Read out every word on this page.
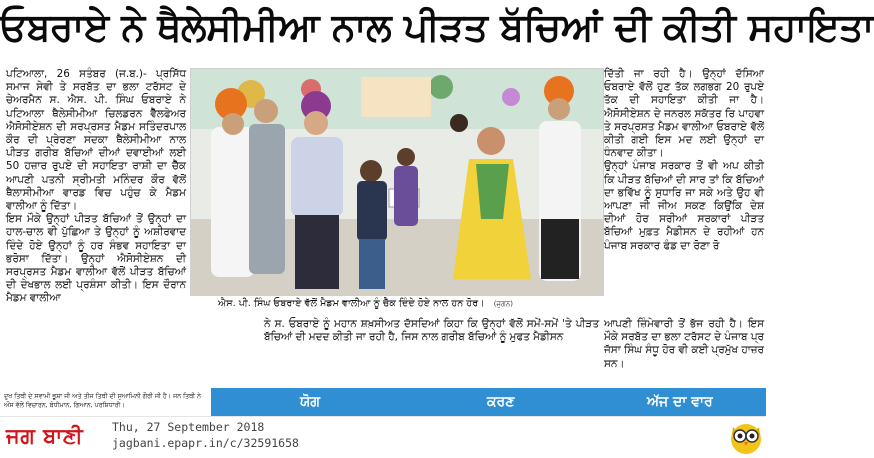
ਓਬਰਾਏ ਨੇ ਥੈਲੇਸੀਮੀਆ ਨਾਲ ਪੀੜਤ ਬੱਚਿਆਂ ਦੀ ਕੀਤੀ ਸਹਾਇਤਾ

ਪਟਿਆਲਾ, 26 ਸਤੰਬਰ (ਜ.ਬ.)- ਪ੍ਰਸਿੱਧ ਸਮਾਜ ਸੇਵੀ ਤੇ ਸਰਬੱਤ ਦਾ ਭਲਾ ਟਰੱਸਟ ਦੇ ਚੇਅਰਮੈਨ ਸ. ਐਸ. ਪੀ. ਸਿੰਘ ਓਬਰਾਏ ਨੇ ਪਟਿਆਲਾ ਥੈਲੇਸੀਮੀਆ ਚਿਲਡਰਨ ਵੈੱਲਫੇਅਰ ਐਸੋਸੀਏਸ਼ਨ ਦੀ ਸਰਪ੍ਰਸਤ ਮੈਡਮ ਸਤਿੰਦਰਪਾਲ ਕੌਰ ਦੀ ਪ੍ਰੇਰਣਾ ਸਦਕਾ ਥੈਲੇਸੀਮੀਆ ਨਾਲ ਪੀੜਤ ਗਰੀਬ ਬੱਚਿਆਂ ਦੀਆਂ ਦਵਾਈਆਂ ਲਈ 50 ਹਜ਼ਾਰ ਰੁਪਏ ਦੀ ਸਹਾਇਤਾ ਰਾਸ਼ੀ ਦਾ ਚੈੱਕ ਆਪਣੀ ਪਤਨੀ ਸ੍ਰੀਮਤੀ ਮਨਿੰਦਰ ਕੌਰ ਵੱਲੋਂ ਥੈਲਾਸੀਮੀਆ ਵਾਰਡ ਵਿਚ ਪਹੁੰਚ ਕੇ ਮੈਡਮ ਵਾਲੀਆ ਨੂੰ ਦਿੱਤਾ।

ਇਸ ਮੌਕੇ ਉਨ੍ਹਾਂ ਪੀੜਤ ਬੱਚਿਆਂ ਤੋਂ ਉਨ੍ਹਾਂ ਦਾ ਹਾਲ-ਚਾਲ ਵੀ ਪੁੱਛਿਆ ਤੇ ਉਨ੍ਹਾਂ ਨੂੰ ਅਸ਼ੀਰਵਾਦ ਦਿੰਦੇ ਹੋਏ ਉਨ੍ਹਾਂ ਨੂੰ ਹਰ ਸੰਭਵ ਸਹਾਇਤਾ ਦਾ ਭਰੋਸਾ ਦਿੱਤਾ। ਉਨ੍ਹਾਂ ਐਸੋਸੀਏਸ਼ਨ ਦੀ ਸਰਪ੍ਰਸਤ ਮੈਡਮ ਵਾਲੀਆ ਵੱਲੋਂ ਪੀੜਤ ਬੱਚਿਆਂ ਦੀ ਦੇਖਭਾਲ ਲਈ ਪ੍ਰਸ਼ੰਸਾ ਕੀਤੀ। ਇਸ ਦੌਰਾਨ ਮੈਡਮ ਵਾਲੀਆ	ਐਸ. ਪੀ. ਸਿੰਘ ਓਬਰਾਏ ਵੱਲੋਂ ਮੈਡਮ ਵਾਲੀਆ ਨੂੰ ਚੈੱਕ ਦਿੰਦੇ ਹੋਏ ਨਾਲ ਹਨ ਹੋਰ। (ਜੁਗਨ)

ਨੇ ਸ. ਓਬਰਾਏ ਨੂੰ ਮਹਾਨ ਸ਼ਖ਼ਸੀਅਤ ਦੱਸਦਿਆਂ ਕਿਹਾ ਕਿ ਉਨ੍ਹਾਂ ਵੱਲੋਂ ਸਮੇਂ-ਸਮੇਂ 'ਤੇ ਪੀੜਤ ਬੱਚਿਆਂ ਦੀ ਮਦਦ ਕੀਤੀ ਜਾ ਰਹੀ ਹੈ, ਜਿਸ ਨਾਲ ਗਰੀਬ ਬੱਚਿਆਂ ਨੂੰ ਮੁਫਤ ਮੈਡੀਸਨ

ਦਿੱਤੀ ਜਾ ਰਹੀ ਹੈ। ਉਨ੍ਹਾਂ ਦੱਸਿਆ ਓਬਰਾਏ ਵੱਲੋਂ ਹੁਣ ਤੱਕ ਲਗਭਗ 20 ਰੁਪਏ ਤੱਕ ਦੀ ਸਹਾਇਤਾ ਕੀਤੀ ਜਾ ਹੈ। ਐਸੋਸੀਏਸ਼ਨ ਦੇ ਜਨਰਲ ਸਕੱਤਰ ਰਿ ਪਾਹਵਾ ਤੇ ਸਰਪ੍ਰਸਤ ਮੈਡਮ ਵਾਲੀਆ ਓਬਰਾਏ ਵੱਲੋਂ ਕੀਤੀ ਗਈ ਇਸ ਮਦ ਲਈ ਉਨ੍ਹਾਂ ਦਾ ਧੰਨਵਾਦ ਕੀਤਾ।

ਉਨ੍ਹਾਂ ਪੰਜਾਬ ਸਰਕਾਰ ਤੋਂ ਵੀ ਅਪ ਕੀਤੀ ਕਿ ਪੀੜਤ ਬੱਚਿਆਂ ਦੀ ਸਾਰ ਤਾਂ ਕਿ ਬੱਚਿਆਂ ਦਾ ਭਵਿੱਖ ਨੂੰ ਸੁਧਾਰਿ ਜਾ ਸਕੇ ਅਤੇ ਉਹ ਵੀ ਆਪਣਾ ਜੀ ਜੀਅ ਸਕਣ ਕਿਉਂਕਿ ਦੇਸ਼ ਦੀਆਂ ਹੋਰ ਸਰੀਆਂ ਸਰਕਾਰਾਂ ਪੀੜਤ ਬੱਚਿਆਂ ਮੁਫ਼ਤ ਮੈਡੀਸਨ ਦੇ ਰਹੀਆਂ ਹਨ ਪੰਜਾਬ ਸਰਕਾਰ ਫੰਡ ਦਾ ਰੋਣਾ ਰੋ

ਆਪਣੀ ਜ਼ਿੰਮੇਵਾਰੀ ਤੋਂ ਭੱਜ ਰਹੀ ਹੈ। ਇਸ ਮੌਕੇ ਸਰਬੱਤ ਦਾ ਭਲਾ ਟਰੱਸਟ ਦੇ ਪੰਜਾਬ ਪ੍ਰ ਜੱਸਾ ਸਿੰਘ ਸੰਧੂ ਹੋਰ ਵੀ ਕਈ ਪ੍ਰਮੁੱਖ ਹਾਜ਼ਰ ਸਨ।

ਦੁਖ ਤਿਥੀ ਦੇ ਸਵਾਮੀ ਭੂਸ਼ਾ ਜੀ ਅਤੇ ਤੀਜ ਤਿਥੀ ਦੀ ਸੁਆਮਿਨੀ ਗੌਰੀ ਜੀ ਹੈ। ਜਨ ਤਿਥੀ ਨੇ ਔਸ ਵੱਲੋਂ ਵਿਚਾਰਨ, ਬੰਧੀਮਾਨ, ਗਿਆਨ, ਪਰਸ਼ਿਧਾਰੀ।	ਯੋਗ	ਕਰਣ	ਅੱਜ ਦਾ ਵਾਰ
ਜਗ ਬਾਣੀ	Thu, 27 September 2018
jagbani.epapr.in/c/32591658
